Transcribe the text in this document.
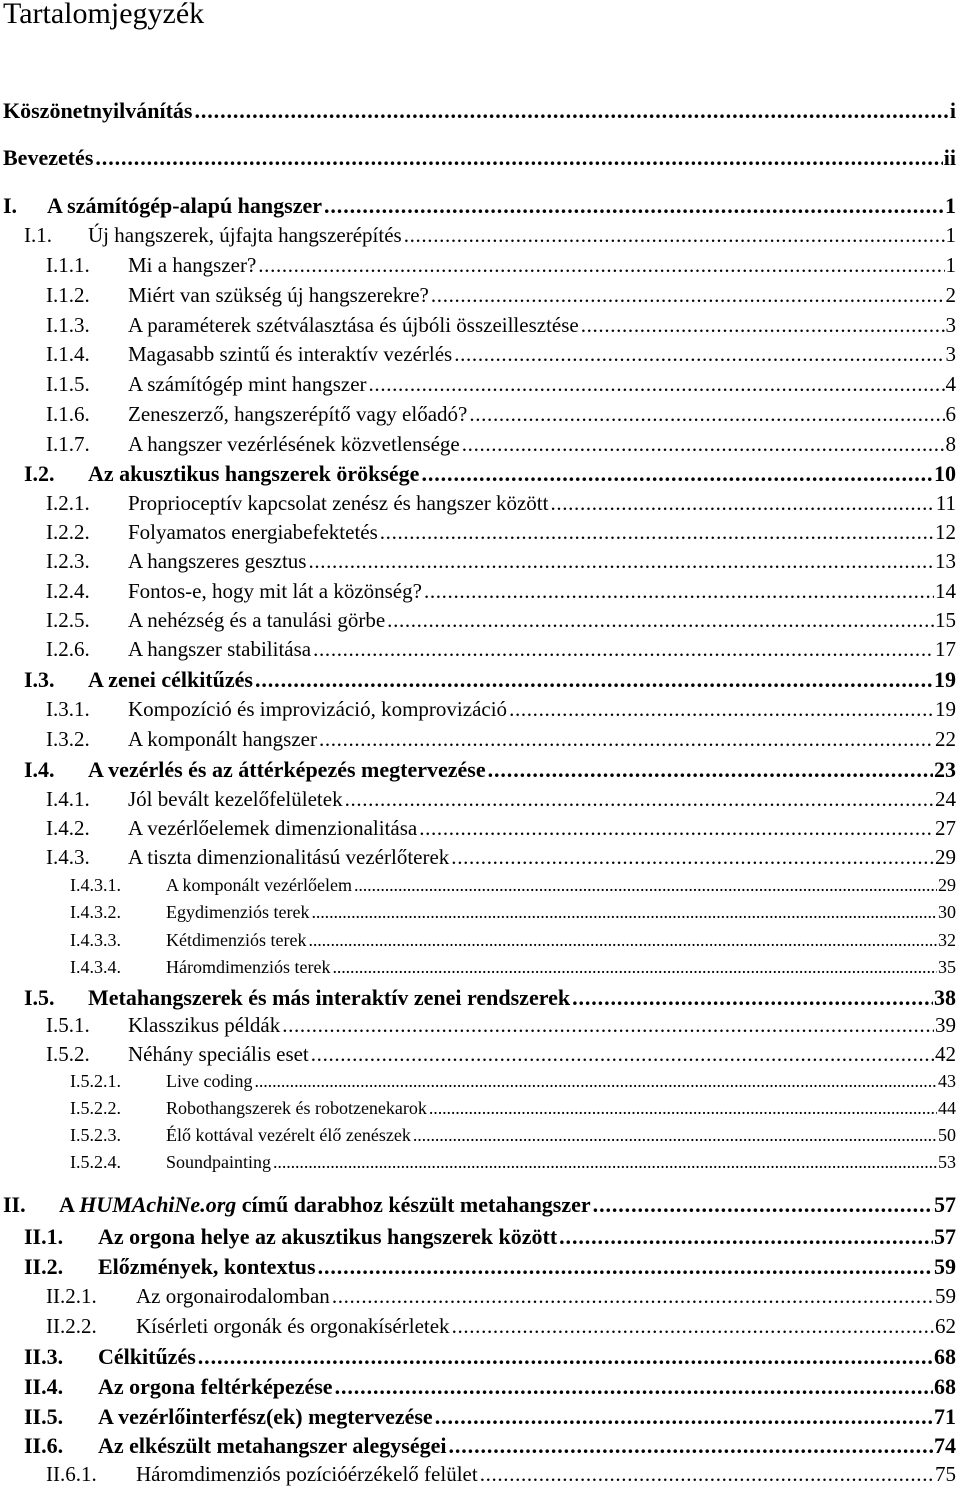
Tartalomjegyzék
Köszönetnyilvánítás . . .	i
Bevezetés . . .	ii
I.	A számítógép-alapú hangszer . . .	1
I.1.	Új hangszerek, újfajta hangszerépítés . . .	1
I.1.1.	Mi a hangszer? . . .	1
I.1.2.	Miért van szükség új hangszerekre? . . .	2
I.1.3.	A paraméterek szétválasztása és újbóli összeillesztése . . .	3
I.1.4.	Magasabb szintű és interaktív vezérlés . . .	3
I.1.5.	A számítógép mint hangszer . . .	4
I.1.6.	Zeneszerző, hangszerépítő vagy előadó? . . .	6
I.1.7.	A hangszer vezérlésének közvetlensége . . .	8
I.2.	Az akusztikus hangszerek öröksége . . .	10
I.2.1.	Proprioceptív kapcsolat zenész és hangszer között . . .	11
I.2.2.	Folyamatos energiabefektetés . . .	12
I.2.3.	A hangszeres gesztus . . .	13
I.2.4.	Fontos-e, hogy mit lát a közönség? . . .	14
I.2.5.	A nehézség és a tanulási görbe . . .	15
I.2.6.	A hangszer stabilitása . . .	17
I.3.	A zenei célkitűzés . . .	19
I.3.1.	Kompozíció és improvizáció, komprovizáció . . .	19
I.3.2.	A komponált hangszer . . .	22
I.4.	A vezérlés és az áttérképezés megtervezése . . .	23
I.4.1.	Jól bevált kezelőfelületek . . .	24
I.4.2.	A vezérlőelemek dimenzionalitása . . .	27
I.4.3.	A tiszta dimenzionalitású vezérlőterek . . .	29
I.4.3.1.	A komponált vezérlőelem . . .	29
I.4.3.2.	Egydimenziós terek . . .	30
I.4.3.3.	Kétdimenziós terek . . .	32
I.4.3.4.	Háromdimenziós terek . . .	35
I.5.	Metahangszerek és más interaktív zenei rendszerek . . .	38
I.5.1.	Klasszikus példák . . .	39
I.5.2.	Néhány speciális eset . . .	42
I.5.2.1.	Live coding . . .	43
I.5.2.2.	Robothangszerek és robotzenekarok . . .	44
I.5.2.3.	Élő kottával vezérelt élő zenészek . . .	50
I.5.2.4.	Soundpainting . . .	53
II.	A HUMAchiNe.org című darabhoz készült metahangszer . . .	57
II.1.	Az orgona helye az akusztikus hangszerek között . . .	57
II.2.	Előzmények, kontextus . . .	59
II.2.1.	Az orgonairodalomban . . .	59
II.2.2.	Kísérleti orgonák és orgonakísérletek . . .	62
II.3.	Célkitűzés . . .	68
II.4.	Az orgona feltérképezése . . .	68
II.5.	A vezérlőinterfész(ek) megtervezése . . .	71
II.6.	Az elkészült metahangszer alegységei . . .	74
II.6.1.	Háromdimenziós pozícióérzékelő felület . . .	75
